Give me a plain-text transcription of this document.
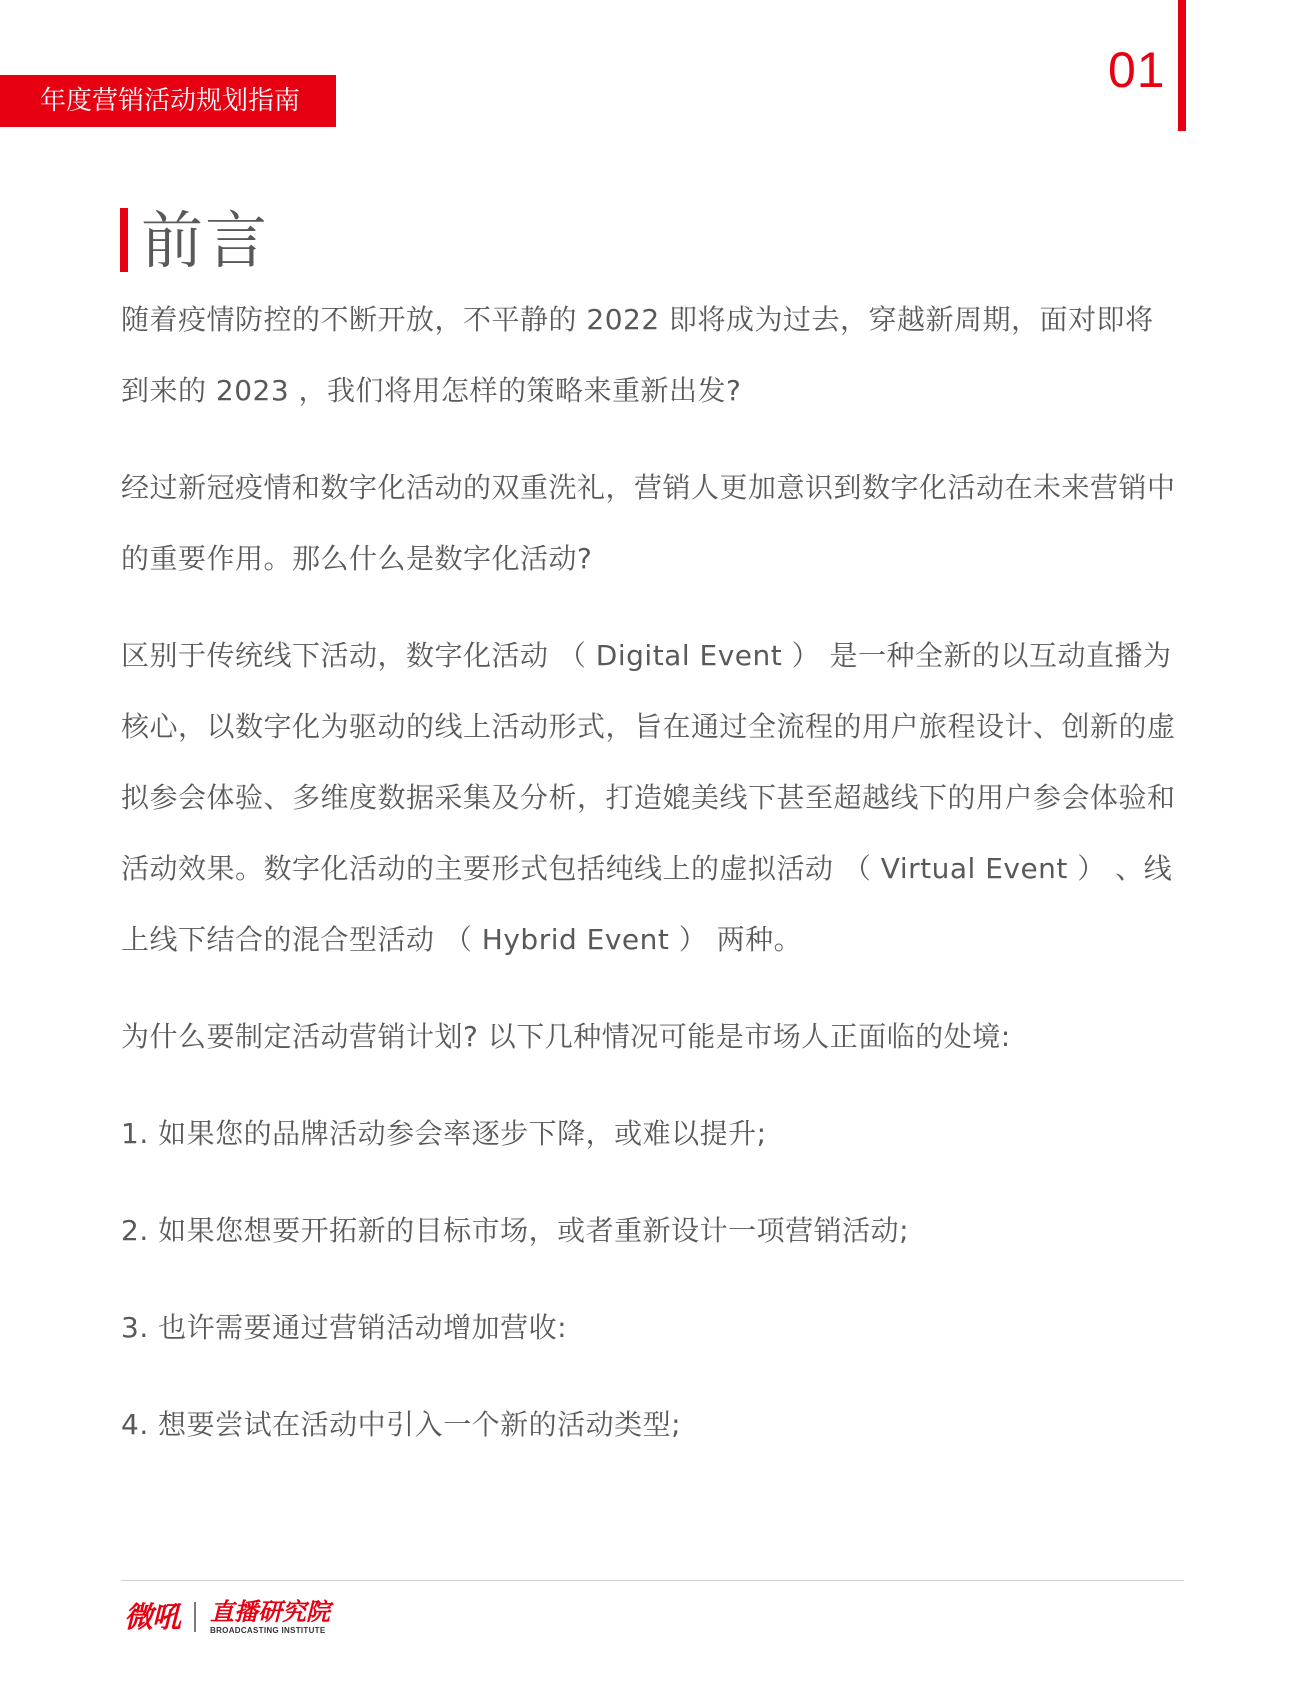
年度营销活动规划指南
01
前言

随着疫情防控的不断开放，不平静的 2022 即将成为过去，穿越新周期，面对即将到来的 2023 ，我们将用怎样的策略来重新出发?

经过新冠疫情和数字化活动的双重洗礼，营销人更加意识到数字化活动在未来营销中的重要作用。那么什么是数字化活动?

区别于传统线下活动，数字化活动 （ Digital Event ） 是一种全新的以互动直播为核心，以数字化为驱动的线上活动形式，旨在通过全流程的用户旅程设计、创新的虚拟参会体验、多维度数据采集及分析，打造媲美线下甚至超越线下的用户参会体验和活动效果。数字化活动的主要形式包括纯线上的虚拟活动 （ Virtual Event ） 、线上线下结合的混合型活动 （ Hybrid Event ） 两种。

为什么要制定活动营销计划? 以下几种情况可能是市场人正面临的处境:

1. 如果您的品牌活动参会率逐步下降，或难以提升;

2. 如果您想要开拓新的目标市场，或者重新设计一项营销活动;

3. 也许需要通过营销活动增加营收:

4. 想要尝试在活动中引入一个新的活动类型;

微吼 直播研究院
BROADCASTING INSTITUTE
